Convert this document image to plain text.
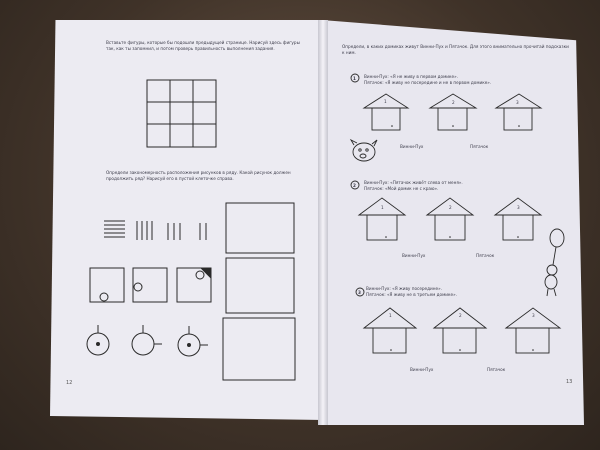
Вставьте фигуры, которые бы подошли предыдущей странице. Нарисуй здесь фигуры так, как ты запомнил, и потом проверь правильность выполнения задания.
Определи закономерность расположения рисунков в ряду. Какой рисунок должен продолжить ряд? Нарисуй его в пустой клеточке справа.
12
Определи, в каких домиках живут Винни-Пух и Пятачок. Для этого внимательно прочитай подсказки к ним.
1 Винни-Пух: «Я не живу в первом домике».
Пятачок: «Я живу не посередине и не в первом домике».
1	2	3
Винни-Пух	Пятачок
2
Винни-Пух: «Пятачок живёт слева от меня».
Пятачок: «Мой домик не с краю».
1	2	3
Винни-Пух	Пятачок
3
Винни-Пух: «Я живу посередине».
Пятачок: «Я живу не в третьем домике».
1	2	3
Винни-Пух	Пятачок
13
